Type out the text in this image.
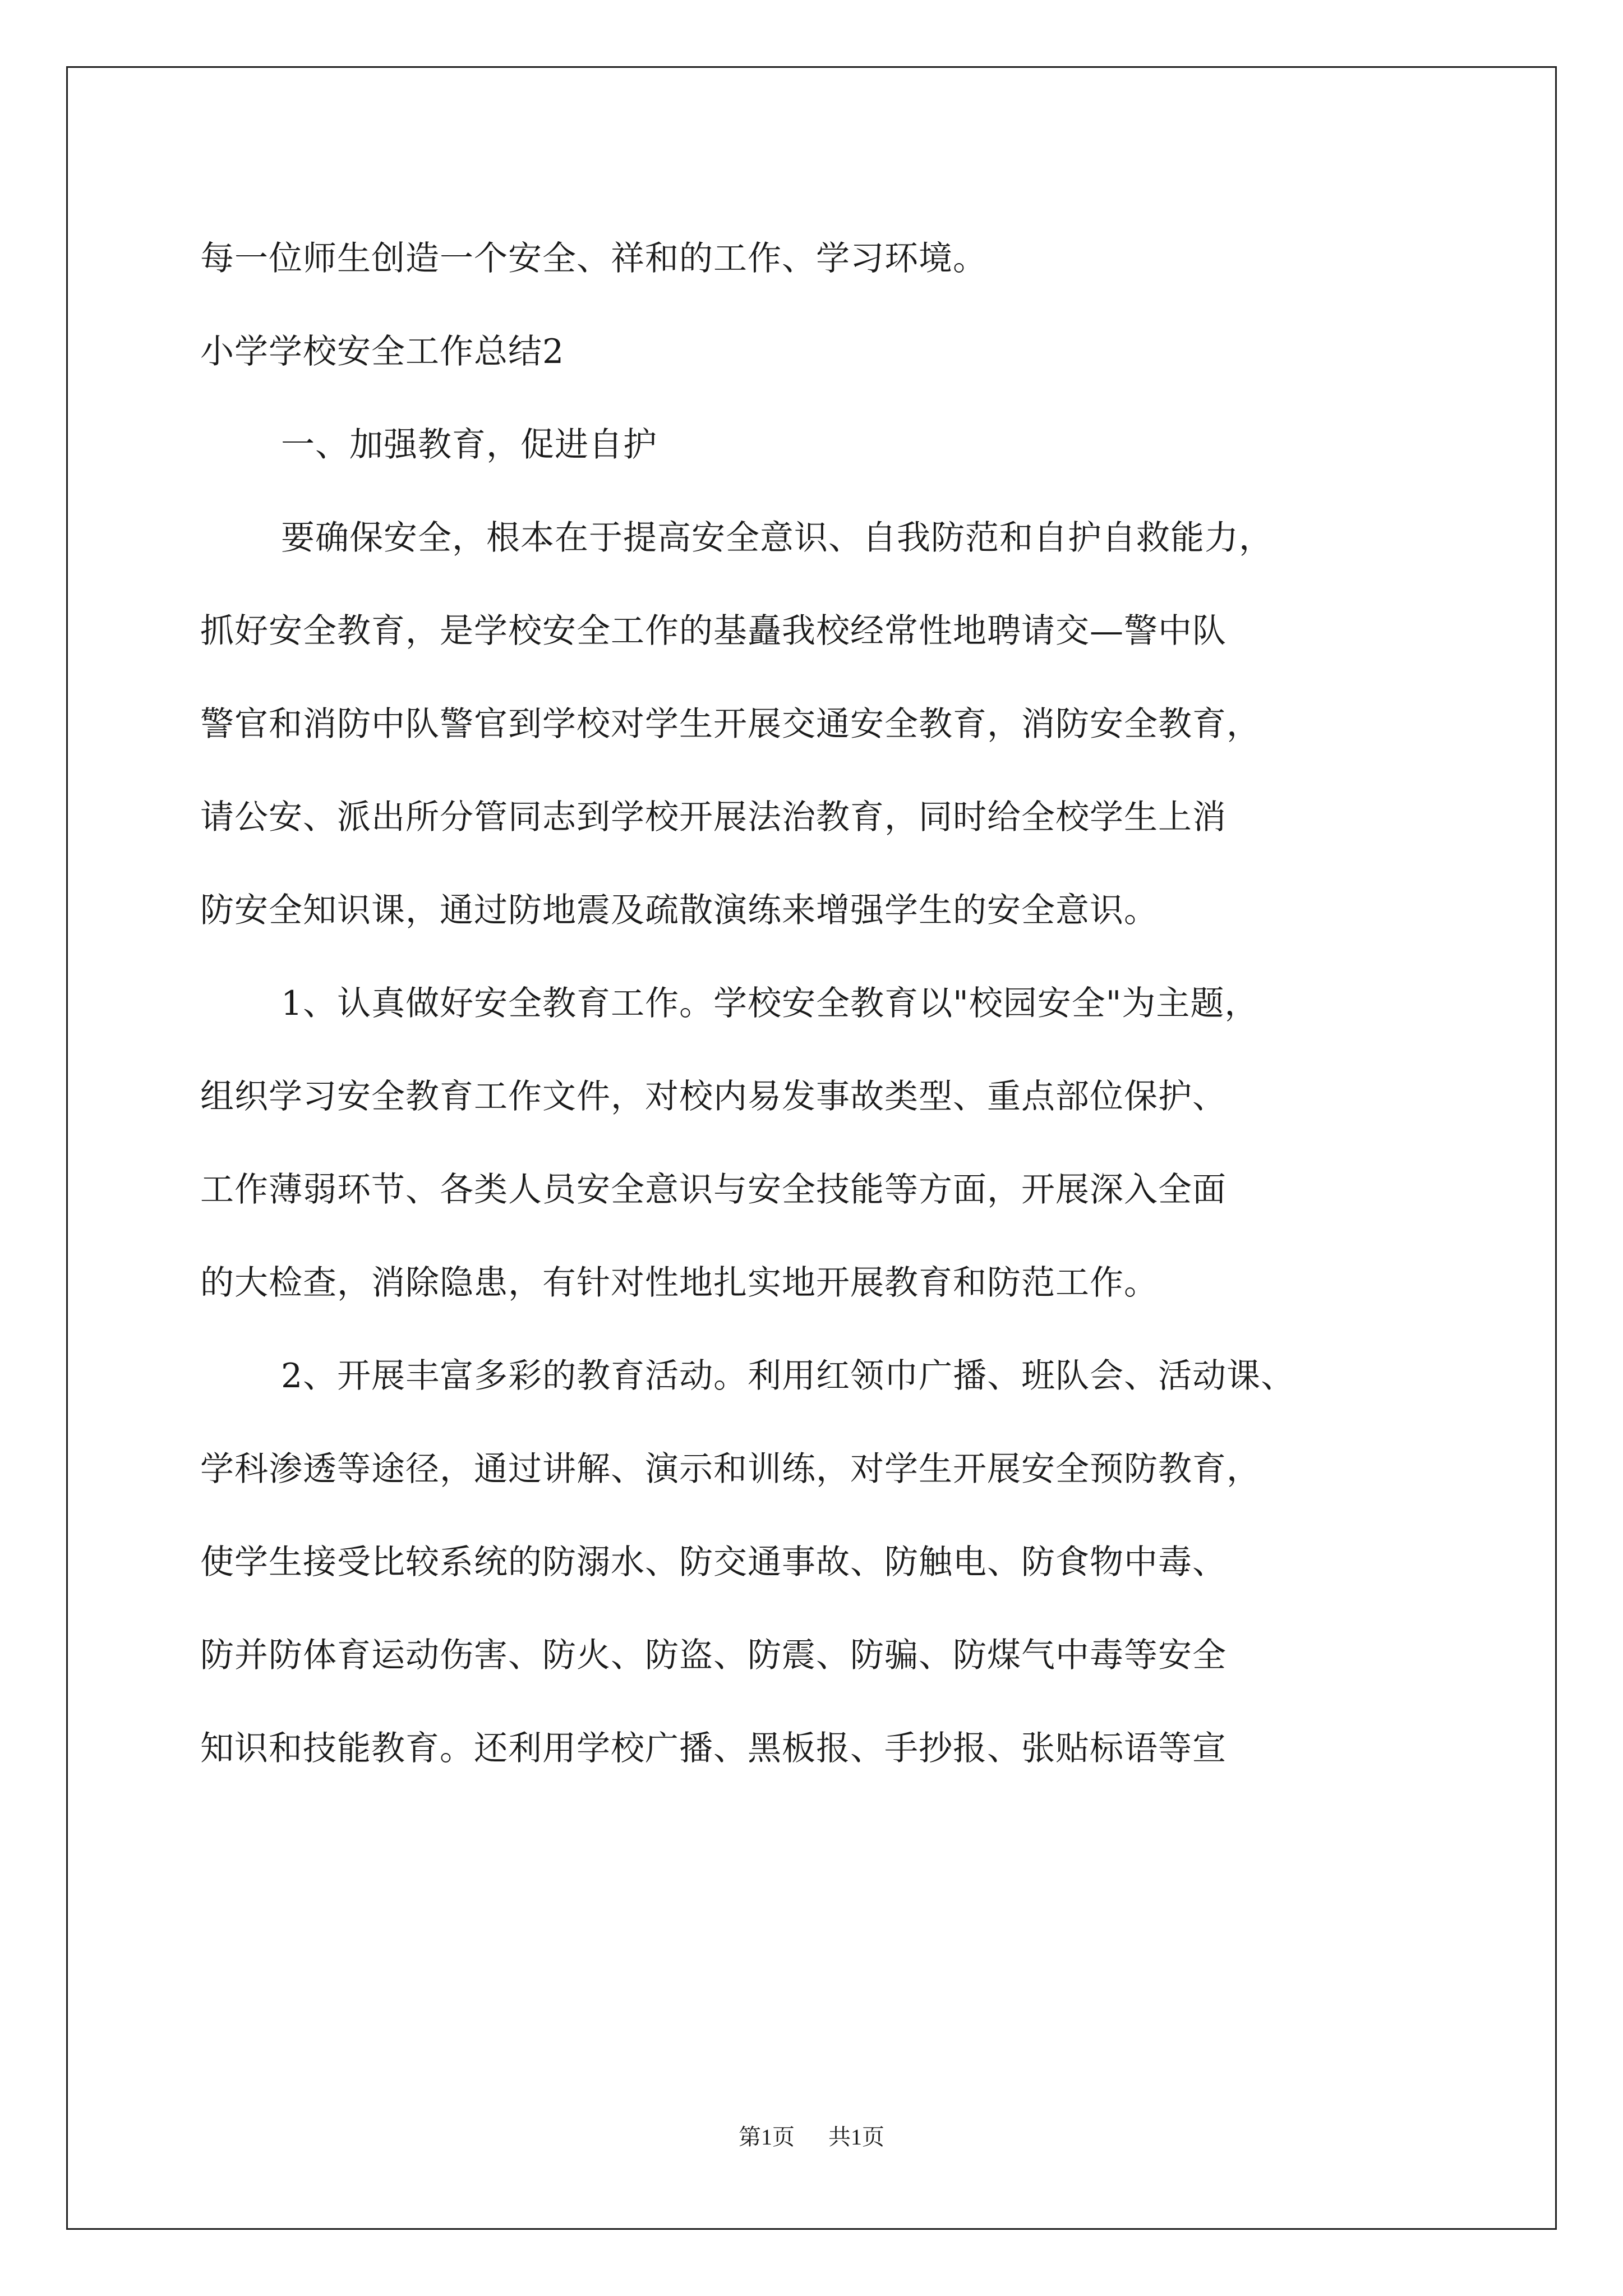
每一位师生创造一个安全、祥和的工作、学习环境。
小学学校安全工作总结2
一、加强教育，促进自护
要确保安全，根本在于提高安全意识、自我防范和自护自救能力，
抓好安全教育，是学校安全工作的基矗我校经常性地聘请交—警中队
警官和消防中队警官到学校对学生开展交通安全教育，消防安全教育，
请公安、派出所分管同志到学校开展法治教育，同时给全校学生上消
防安全知识课，通过防地震及疏散演练来增强学生的安全意识。
1、认真做好安全教育工作。学校安全教育以"校园安全"为主题，
组织学习安全教育工作文件，对校内易发事故类型、重点部位保护、
工作薄弱环节、各类人员安全意识与安全技能等方面，开展深入全面
的大检查，消除隐患，有针对性地扎实地开展教育和防范工作。
2、开展丰富多彩的教育活动。利用红领巾广播、班队会、活动课、
学科渗透等途径，通过讲解、演示和训练，对学生开展安全预防教育，
使学生接受比较系统的防溺水、防交通事故、防触电、防食物中毒、
防并防体育运动伤害、防火、防盗、防震、防骗、防煤气中毒等安全
知识和技能教育。还利用学校广播、黑板报、手抄报、张贴标语等宣
第1页 共1页
